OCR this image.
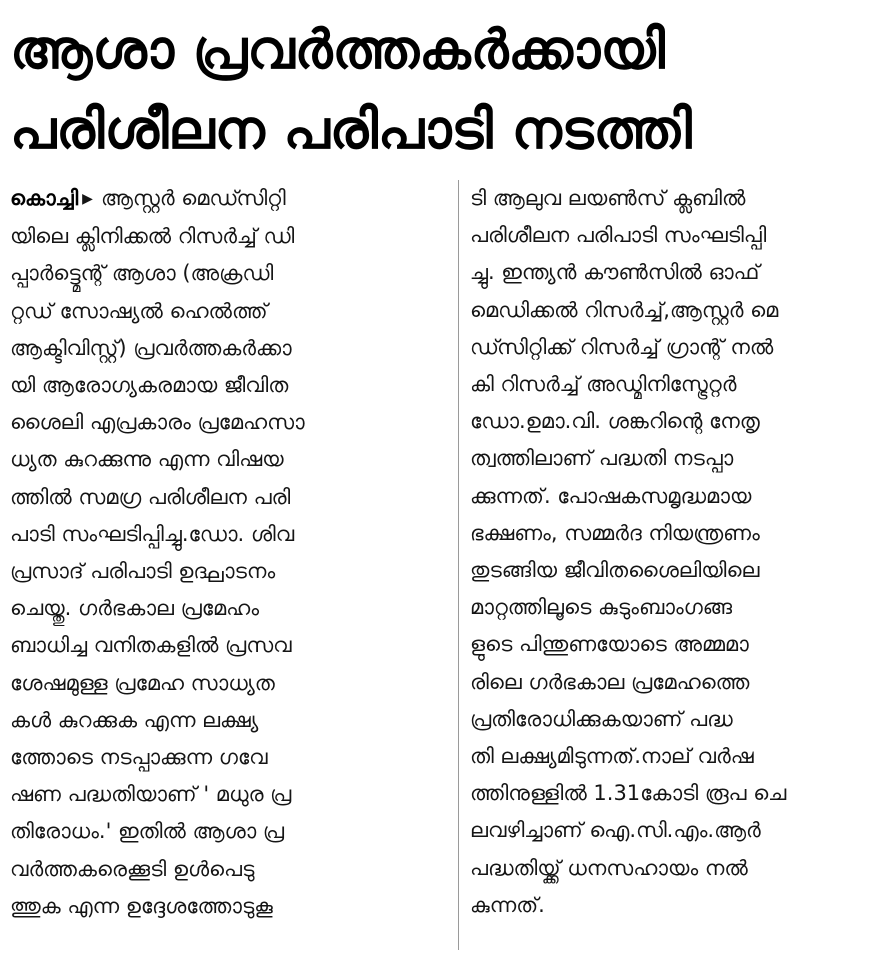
ആശാ പ്രവർത്തകർക്കായി
പരിശീലന പരിപാടി നടത്തി
കൊച്ചി ▶ ആസ്റ്റർ മെഡ്സിറ്റി
യിലെ ക്ലിനിക്കൽ റിസർച്ച് ഡി
പ്പാർട്ട്മെന്റ് ആശാ (അക്രഡി
റ്റഡ് സോഷ്യൽ ഹെൽത്ത്
ആക്ടിവിസ്റ്റ്) പ്രവർത്തകർക്കാ
യി ആരോഗ്യകരമായ ജീവിത
ശൈലി എപ്രകാരം പ്രമേഹസാ
ധ്യത കുറക്കുന്നു എന്ന വിഷയ
ത്തിൽ സമഗ്ര പരിശീലന പരി
പാടി സംഘടിപ്പിച്ചു.ഡോ. ശിവ
പ്രസാദ് പരിപാടി ഉദ്ഘാടനം
ചെയ്തു. ഗർഭകാല പ്രമേഹം
ബാധിച്ച വനിതകളിൽ പ്രസവ
ശേഷമുള്ള പ്രമേഹ സാധ്യത
കൾ കുറക്കുക എന്ന ലക്ഷ്യ
ത്തോടെ നടപ്പാക്കുന്ന ഗവേ
ഷണ പദ്ധതിയാണ് ' മധുര പ്ര
തിരോധം.' ഇതിൽ ആശാ പ്ര
വർത്തകരെക്കൂടി ഉൾപെടു
ത്തുക എന്ന ഉദ്ദേശത്തോടുകൂ
ടി ആലുവ ലയൺസ് ക്ലബിൽ
പരിശീലന പരിപാടി സംഘടിപ്പി
ച്ചു. ഇന്ത്യൻ കൗൺസിൽ ഓഫ്
മെഡിക്കൽ റിസർച്ച്,ആസ്റ്റർ മെ
ഡ്സിറ്റിക്ക് റിസർച്ച് ഗ്രാന്റ് നൽ
കി റിസർച്ച് അഡ്മിനിസ്ട്രേറ്റർ
ഡോ.ഉമാ.വി. ശങ്കറിന്റെ നേതൃ
ത്വത്തിലാണ് പദ്ധതി നടപ്പാ
ക്കുന്നത്. പോഷകസമൃദ്ധമായ
ഭക്ഷണം, സമ്മർദ നിയന്ത്രണം
തുടങ്ങിയ ജീവിതശൈലിയിലെ
മാറ്റത്തിലൂടെ കുടുംബാംഗങ്ങ
ളുടെ പിന്തുണയോടെ അമ്മമാ
രിലെ ഗർഭകാല പ്രമേഹത്തെ
പ്രതിരോധിക്കുകയാണ് പദ്ധ
തി ലക്ഷ്യമിടുന്നത്.നാല് വർഷ
ത്തിനുള്ളിൽ 1.31കോടി രൂപ ചെ
ലവഴിച്ചാണ് ഐ.സി.എം.ആർ
പദ്ധതിയ്ക്ക് ധനസഹായം നൽ
കുന്നത്.
